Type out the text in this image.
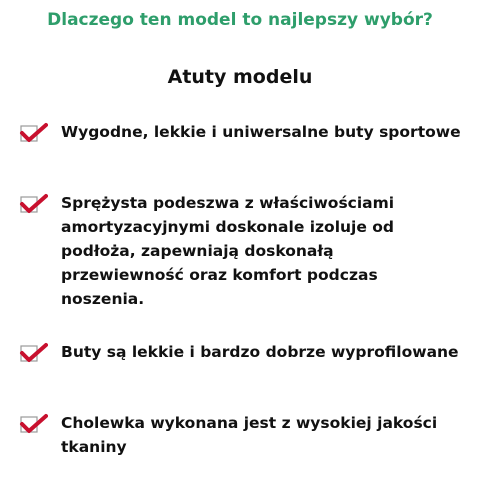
Dlaczego ten model to najlepszy wybór?
Atuty modelu
Wygodne, lekkie i uniwersalne buty sportowe
Sprężysta podeszwa z właściwościami amortyzacyjnymi doskonale izoluje od podłoża, zapewniają doskonałą przewiewność oraz komfort podczas noszenia.
Buty są lekkie i bardzo dobrze wyprofilowane
Cholewka wykonana jest z wysokiej jakości tkaniny
